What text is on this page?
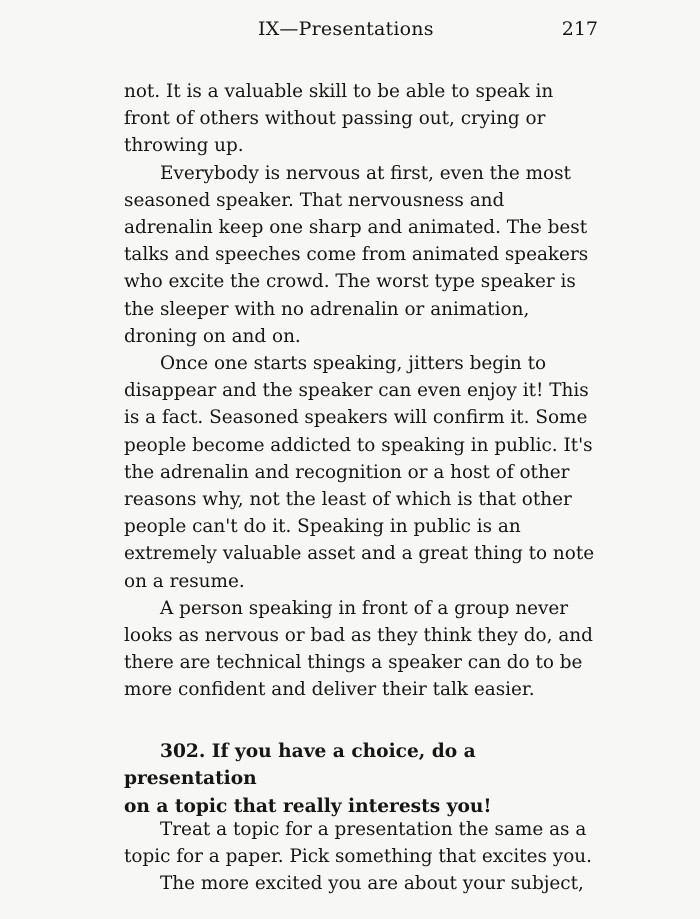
IX—Presentations	217

not. It is a valuable skill to be able to speak in front of others without passing out, crying or throwing up.

Everybody is nervous at first, even the most seasoned speaker. That nervousness and adrenalin keep one sharp and animated. The best talks and speeches come from animated speakers who excite the crowd. The worst type speaker is the sleeper with no adrenalin or animation, droning on and on.

Once one starts speaking, jitters begin to disappear and the speaker can even enjoy it! This is a fact. Seasoned speakers will confirm it. Some people become addicted to speaking in public. It's the adrenalin and recognition or a host of other reasons why, not the least of which is that other people can't do it. Speaking in public is an extremely valuable asset and a great thing to note on a resume.

A person speaking in front of a group never looks as nervous or bad as they think they do, and there are technical things a speaker can do to be more confident and deliver their talk easier.

302. If you have a choice, do a presentation
on a topic that really interests you!
Treat a topic for a presentation the same as a
topic for a paper. Pick something that excites you.
The more excited you are about your subject,
